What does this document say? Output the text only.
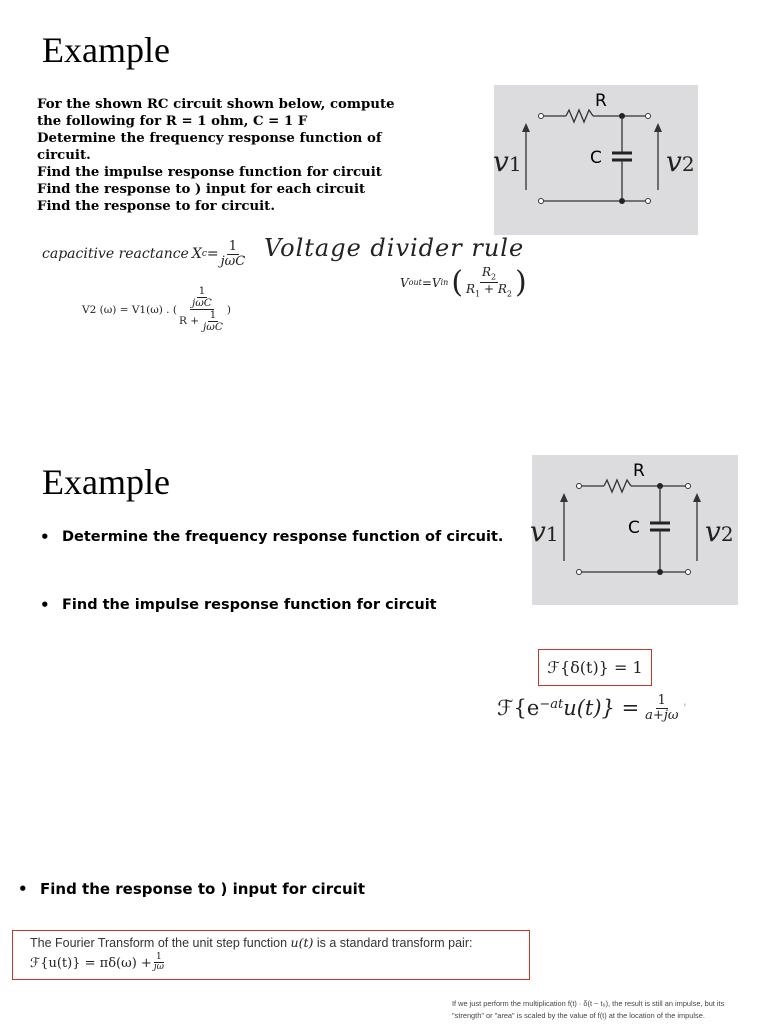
Example

For the shown RC circuit shown below, compute

the following for R = 1 ohm, C = 1 F

Determine the frequency response function of

circuit.

Find the impulse response function for circuit

Find the response to ) input for each circuit

Find the response to for circuit.

R
C
v1	v2
capacitive reactance X $c = \frac{1}{\text{jωC}}$ Voltage divider rule
V out = V in ( $\frac{R_2}{R_1 + R_2}$ )
V2 (ω) = V1(ω) . ( 1
jωC
$R + \frac{1}{\text{jωC}}$ )
Example
• Determine the frequency response function of circuit.
• Find the impulse response function for circuit
R
C
v1	v2
ℱ{δ(t)} = 1
$ℱ\{e^{-at}$ $u(t)\} = \frac{1}{a+j\omega}$ '
• Find the response to ) input for circuit
The Fourier Transform of the unit step function u(t) is a standard transform pair:
ℱ{u(t)} = $\pi\delta(\omega) + \frac{1}{j\omega}$
If we just perform the multiplication f(t) · δ(t − t₀), the result is still an impulse, but its
"strength" or "area" is scaled by the value of f(t) at the location of the impulse.
